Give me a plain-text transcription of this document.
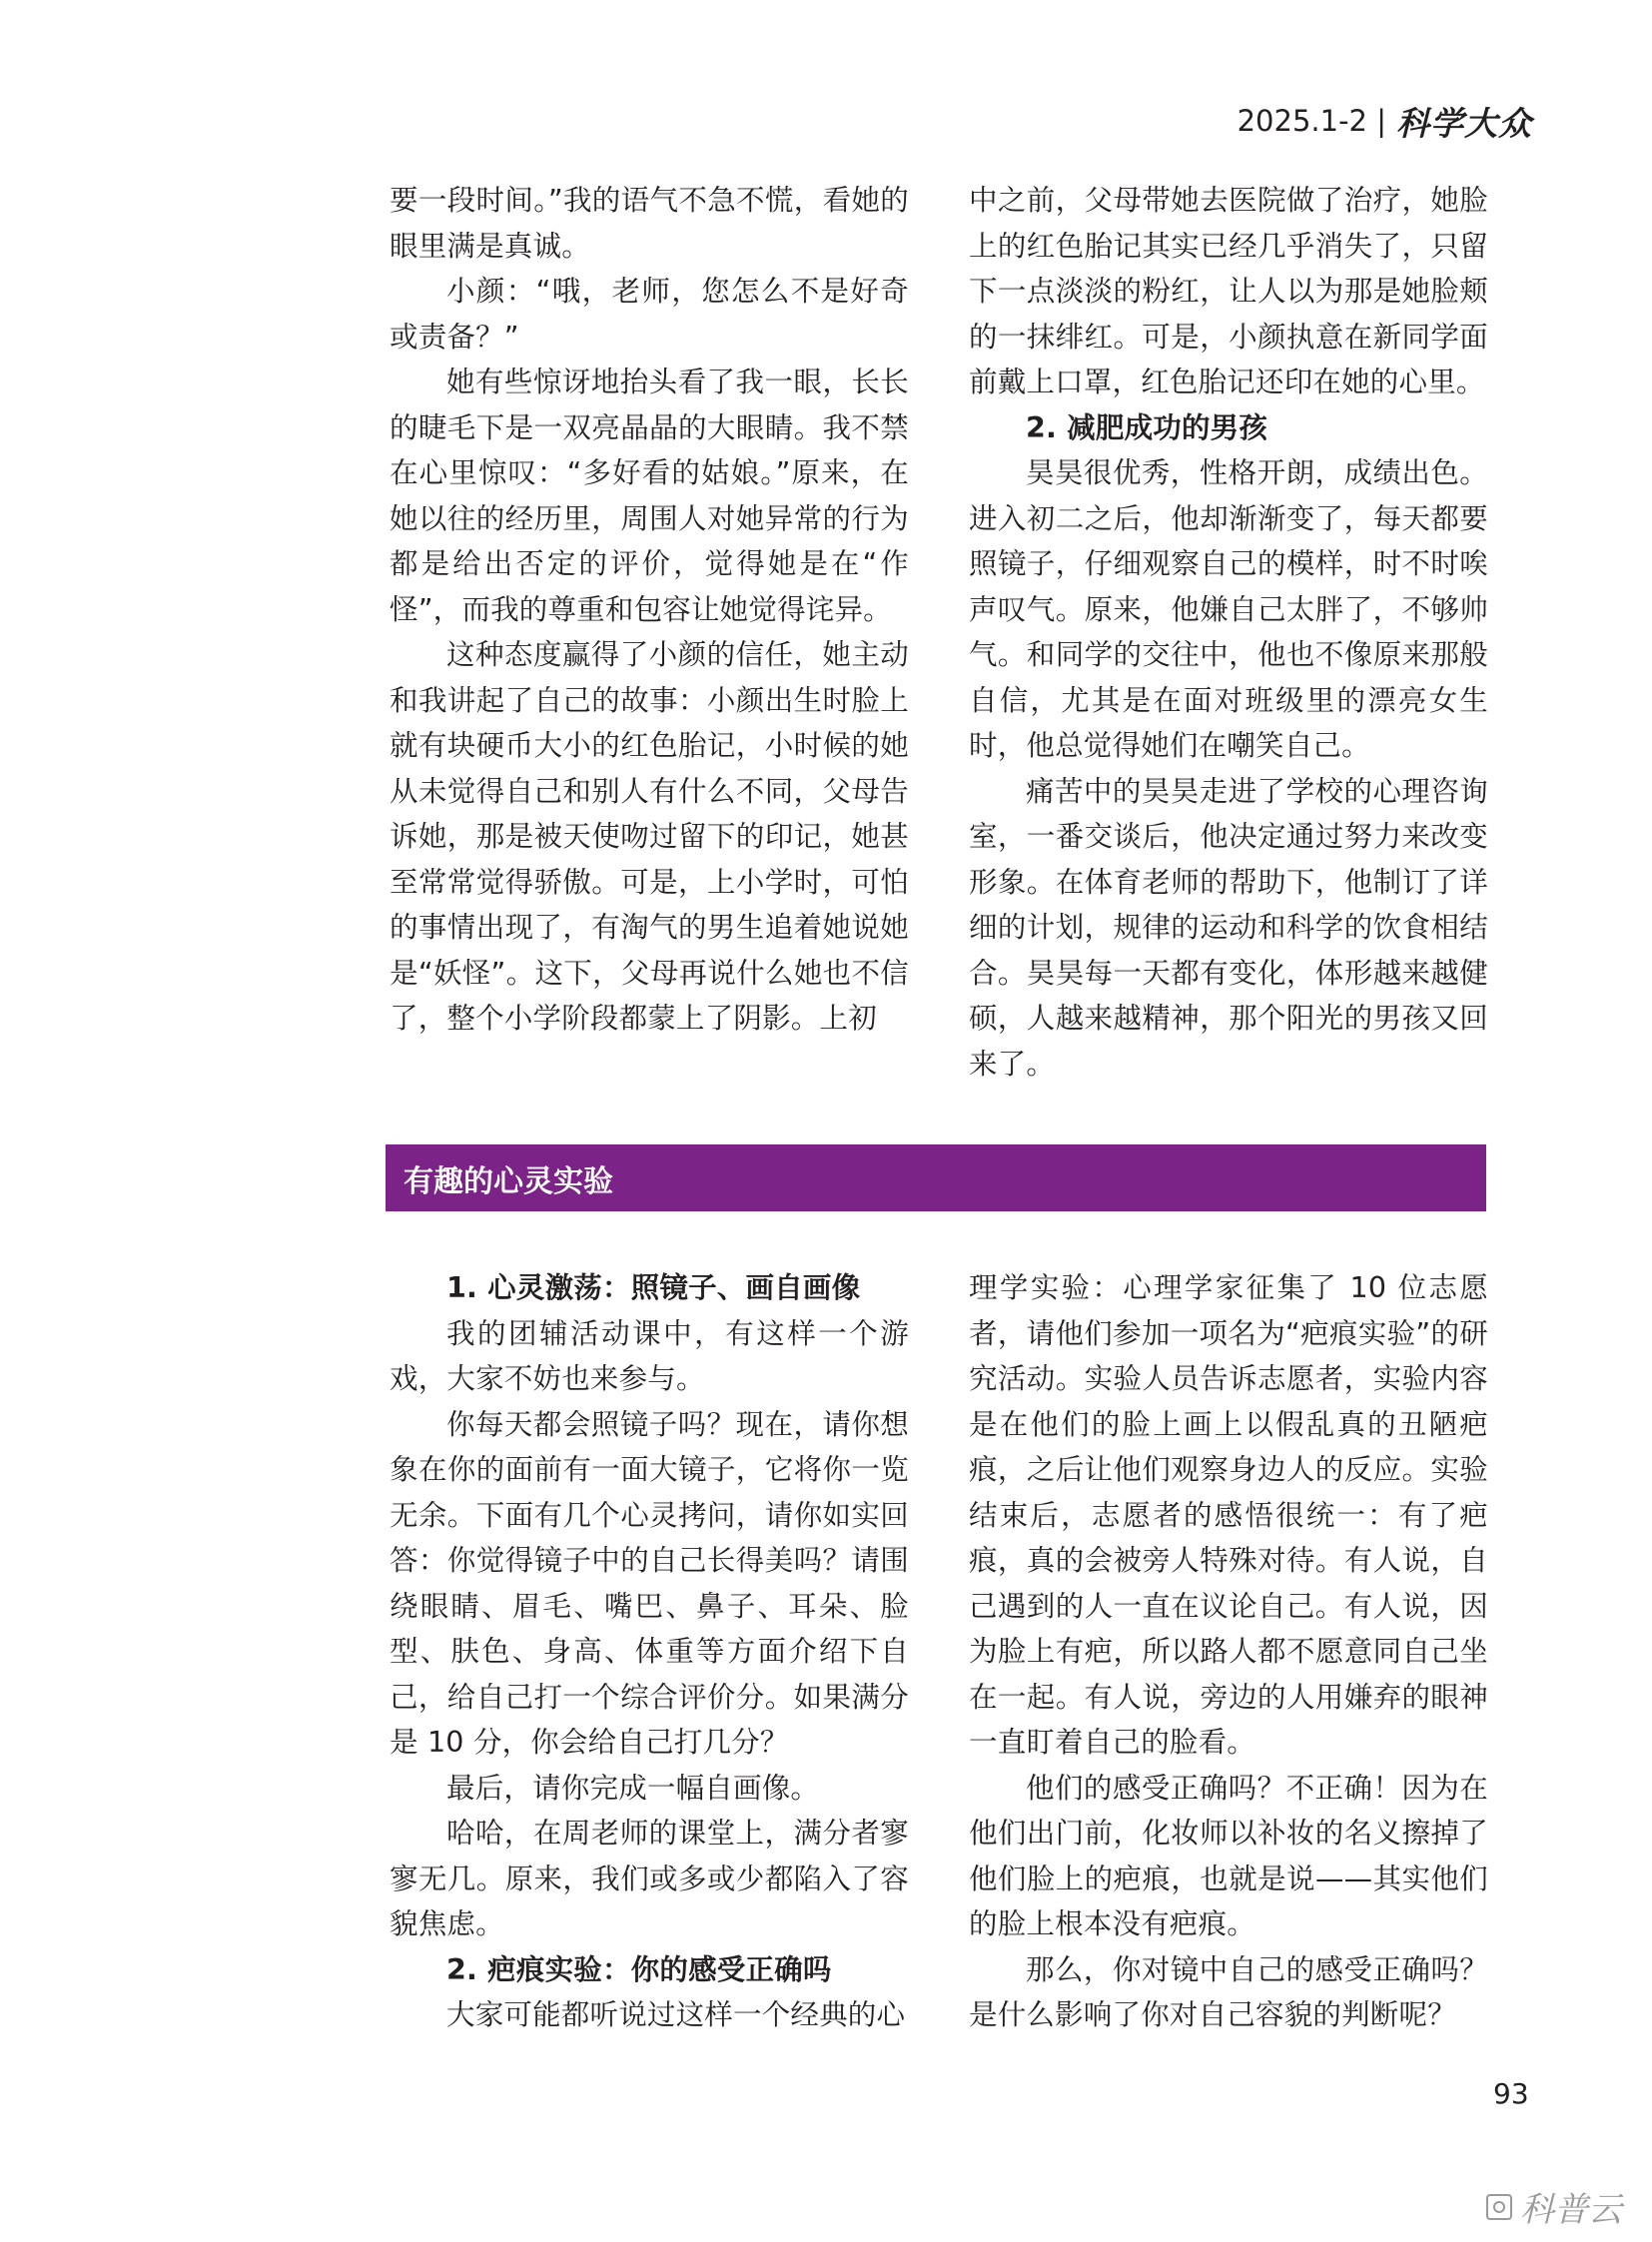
2025.1-2 | 科学大众

要一段时间。”我的语气不急不慌，看她的眼里满是真诚。

小颜：“哦，老师，您怎么不是好奇或责备？”

她有些惊讶地抬头看了我一眼，长长的睫毛下是一双亮晶晶的大眼睛。我不禁在心里惊叹：“多好看的姑娘。”原来，在她以往的经历里，周围人对她异常的行为都是给出否定的评价，觉得她是在“作怪”，而我的尊重和包容让她觉得诧异。

这种态度赢得了小颜的信任，她主动和我讲起了自己的故事：小颜出生时脸上就有块硬币大小的红色胎记，小时候的她从未觉得自己和别人有什么不同，父母告诉她，那是被天使吻过留下的印记，她甚至常常觉得骄傲。可是，上小学时，可怕的事情出现了，有淘气的男生追着她说她是“妖怪”。这下，父母再说什么她也不信了，整个小学阶段都蒙上了阴影。上初

中之前，父母带她去医院做了治疗，她脸上的红色胎记其实已经几乎消失了，只留下一点淡淡的粉红，让人以为那是她脸颊的一抹绯红。可是，小颜执意在新同学面前戴上口罩，红色胎记还印在她的心里。

2. 减肥成功的男孩

昊昊很优秀，性格开朗，成绩出色。进入初二之后，他却渐渐变了，每天都要照镜子，仔细观察自己的模样，时不时唉声叹气。原来，他嫌自己太胖了，不够帅气。和同学的交往中，他也不像原来那般自信，尤其是在面对班级里的漂亮女生时，他总觉得她们在嘲笑自己。

痛苦中的昊昊走进了学校的心理咨询室，一番交谈后，他决定通过努力来改变形象。在体育老师的帮助下，他制订了详细的计划，规律的运动和科学的饮食相结合。昊昊每一天都有变化，体形越来越健硕，人越来越精神，那个阳光的男孩又回来了。

有趣的心灵实验

1. 心灵激荡：照镜子、画自画像

我的团辅活动课中，有这样一个游戏，大家不妨也来参与。

你每天都会照镜子吗？现在，请你想象在你的面前有一面大镜子，它将你一览无余。下面有几个心灵拷问，请你如实回答：你觉得镜子中的自己长得美吗？请围绕眼睛、眉毛、嘴巴、鼻子、耳朵、脸型、肤色、身高、体重等方面介绍下自己，给自己打一个综合评价分。如果满分是 10 分，你会给自己打几分？

最后，请你完成一幅自画像。

哈哈，在周老师的课堂上，满分者寥寥无几。原来，我们或多或少都陷入了容貌焦虑。

2. 疤痕实验：你的感受正确吗

大家可能都听说过这样一个经典的心

理学实验：心理学家征集了 10 位志愿者，请他们参加一项名为“疤痕实验”的研究活动。实验人员告诉志愿者，实验内容是在他们的脸上画上以假乱真的丑陋疤痕，之后让他们观察身边人的反应。实验结束后，志愿者的感悟很统一：有了疤痕，真的会被旁人特殊对待。有人说，自己遇到的人一直在议论自己。有人说，因为脸上有疤，所以路人都不愿意同自己坐在一起。有人说，旁边的人用嫌弃的眼神一直盯着自己的脸看。

他们的感受正确吗？不正确！因为在他们出门前，化妆师以补妆的名义擦掉了他们脸上的疤痕，也就是说——其实他们的脸上根本没有疤痕。

那么，你对镜中自己的感受正确吗？是什么影响了你对自己容貌的判断呢？

93
科普云
